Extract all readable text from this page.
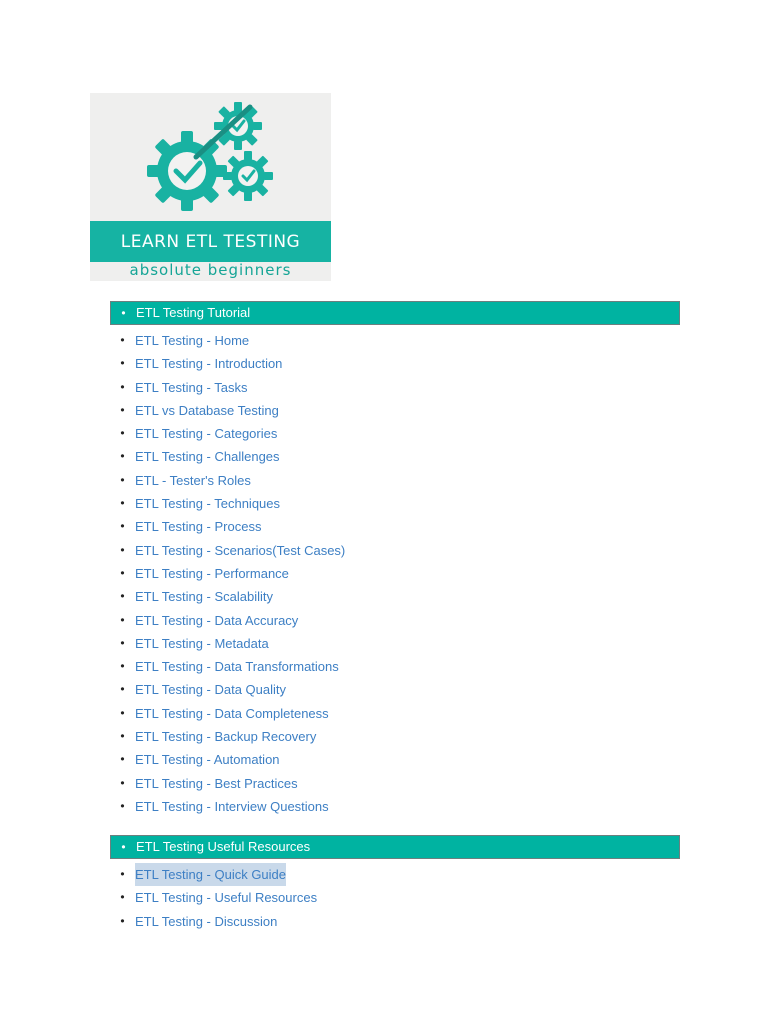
LEARN ETL TESTING
absolute beginners
• ETL Testing Tutorial
• ETL Testing - Home
• ETL Testing - Introduction
• ETL Testing - Tasks
• ETL vs Database Testing
• ETL Testing - Categories
• ETL Testing - Challenges
• ETL - Tester's Roles
• ETL Testing - Techniques
• ETL Testing - Process
• ETL Testing - Scenarios(Test Cases)
• ETL Testing - Performance
• ETL Testing - Scalability
• ETL Testing - Data Accuracy
• ETL Testing - Metadata
• ETL Testing - Data Transformations
• ETL Testing - Data Quality
• ETL Testing - Data Completeness
• ETL Testing - Backup Recovery
• ETL Testing - Automation
• ETL Testing - Best Practices
• ETL Testing - Interview Questions
• ETL Testing Useful Resources
• ETL Testing - Quick Guide
• ETL Testing - Useful Resources
• ETL Testing - Discussion
